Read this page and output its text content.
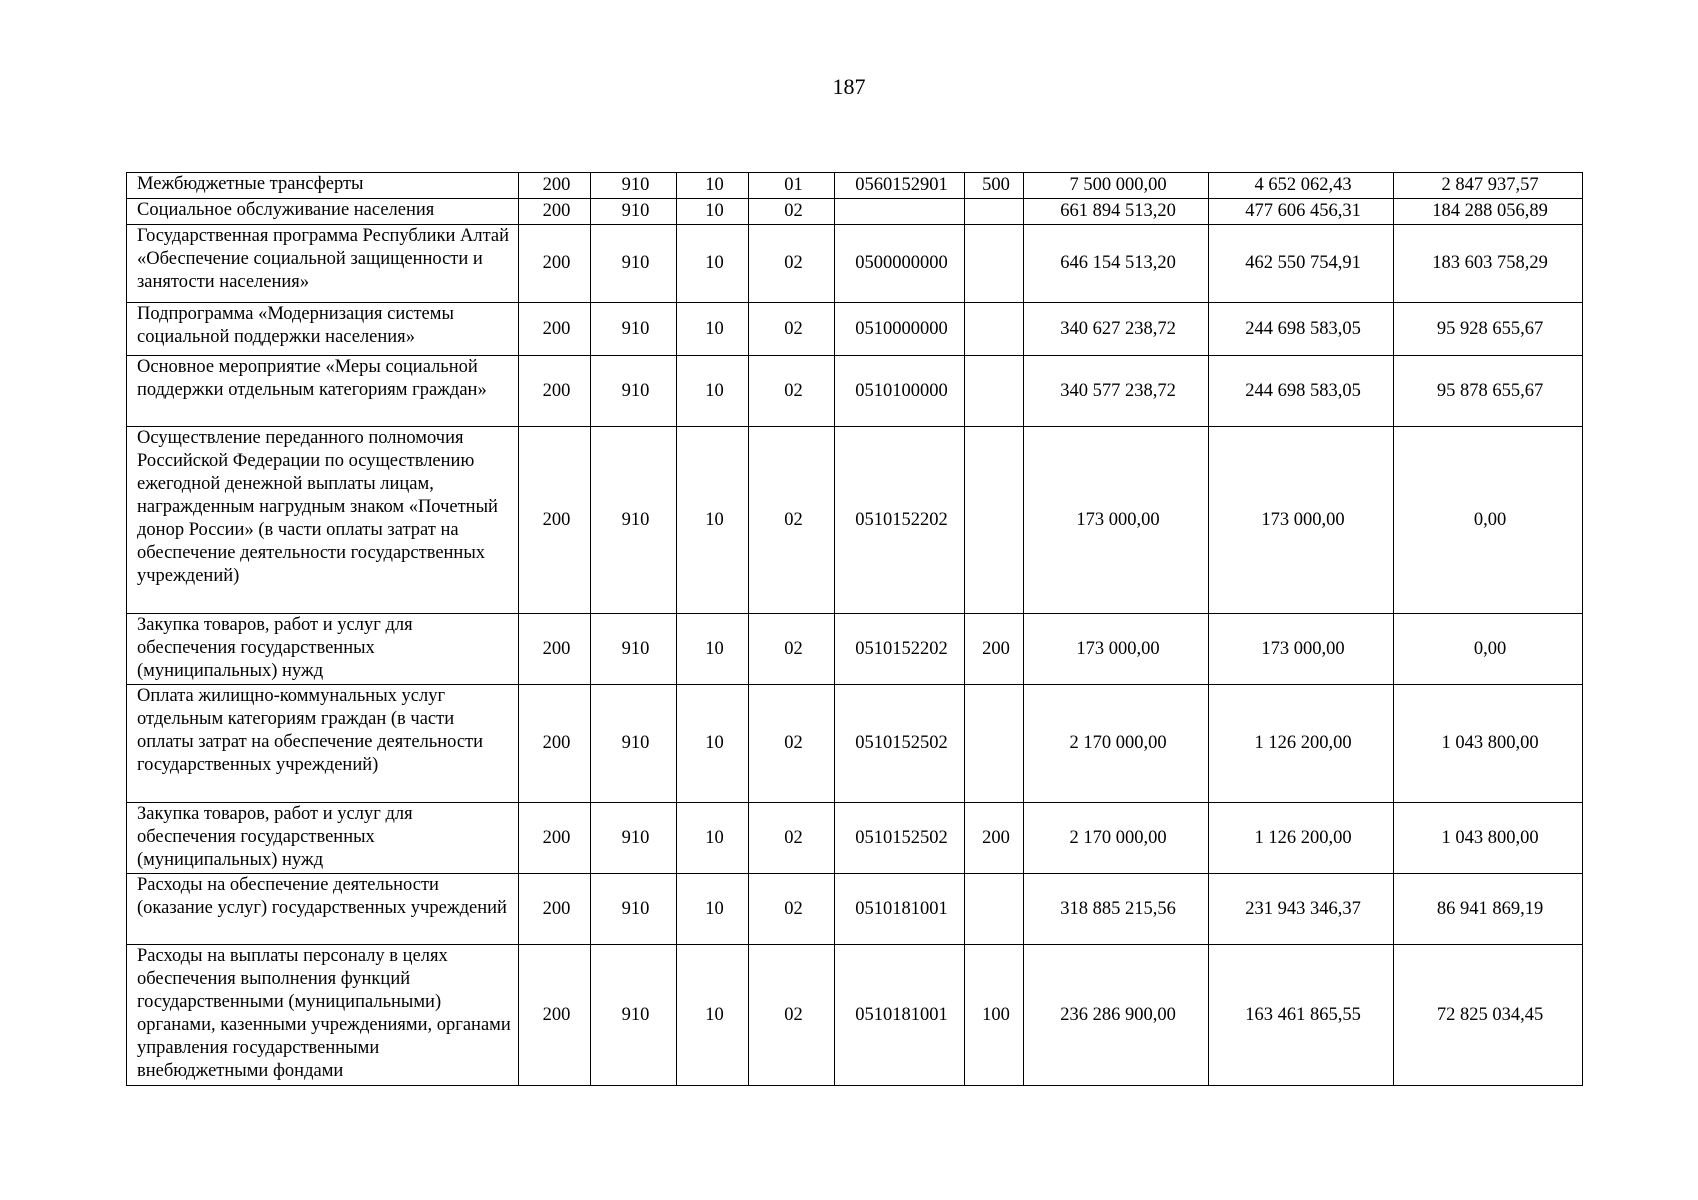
187
Межбюджетные трансферты	200	910	10	01	0560152901	500	7 500 000,00	4 652 062,43	2 847 937,57
Социальное обслуживание населения	200	910	10	02			661 894 513,20	477 606 456,31	184 288 056,89
Государственная программа Республики Алтай «Обеспечение социальной защищенности и занятости населения»	200	910	10	02	0500000000		646 154 513,20	462 550 754,91	183 603 758,29
Подпрограмма «Модернизация системы социальной поддержки населения»	200	910	10	02	0510000000		340 627 238,72	244 698 583,05	95 928 655,67
Основное мероприятие «Меры социальной поддержки отдельным категориям граждан»	200	910	10	02	0510100000		340 577 238,72	244 698 583,05	95 878 655,67
Осуществление переданного полномочия Российской Федерации по осуществлению ежегодной денежной выплаты лицам, награжденным нагрудным знаком «Почетный донор России» (в части оплаты затрат на обеспечение деятельности государственных учреждений)	200	910	10	02	0510152202		173 000,00	173 000,00	0,00
Закупка товаров, работ и услуг для обеспечения государственных (муниципальных) нужд	200	910	10	02	0510152202	200	173 000,00	173 000,00	0,00
Оплата жилищно-коммунальных услуг отдельным категориям граждан (в части оплаты затрат на обеспечение деятельности государственных учреждений)	200	910	10	02	0510152502		2 170 000,00	1 126 200,00	1 043 800,00
Закупка товаров, работ и услуг для обеспечения государственных (муниципальных) нужд	200	910	10	02	0510152502	200	2 170 000,00	1 126 200,00	1 043 800,00
Расходы на обеспечение деятельности (оказание услуг) государственных учреждений	200	910	10	02	0510181001		318 885 215,56	231 943 346,37	86 941 869,19
Расходы на выплаты персоналу в целях обеспечения выполнения функций государственными (муниципальными) органами, казенными учреждениями, органами управления государственными внебюджетными фондами	200	910	10	02	0510181001	100	236 286 900,00	163 461 865,55	72 825 034,45
